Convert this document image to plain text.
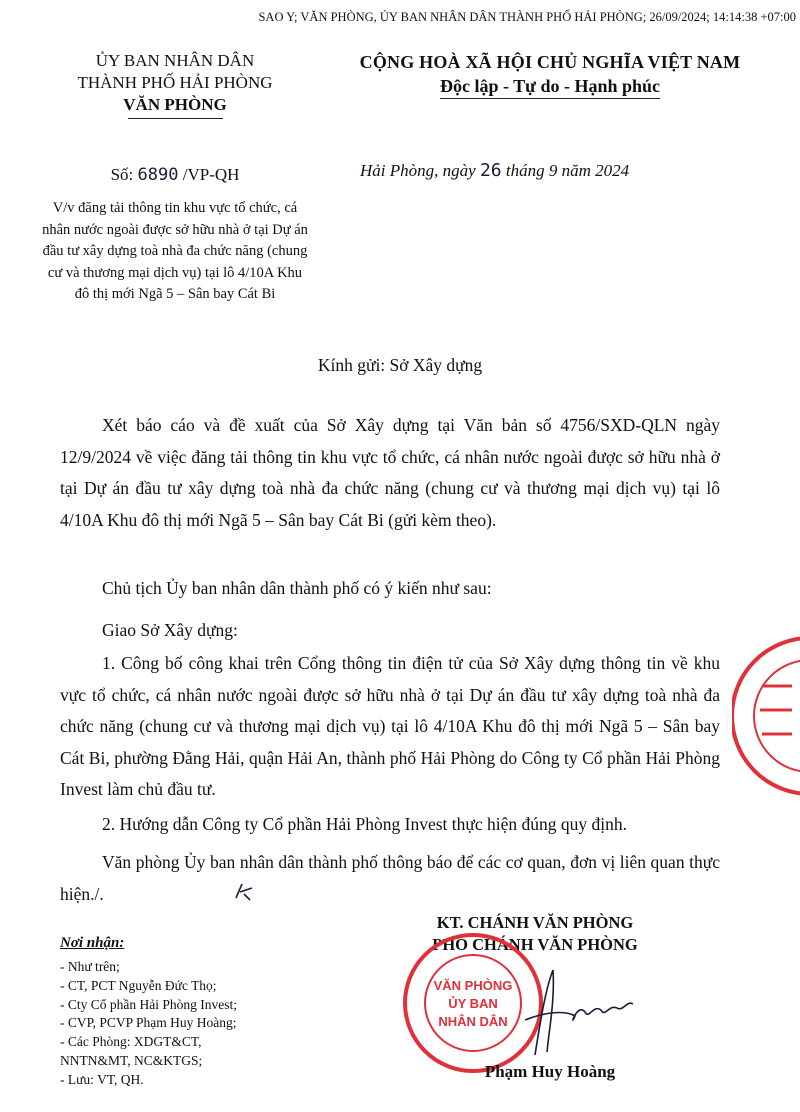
SAO Y; VĂN PHÒNG, ỦY BAN NHÂN DÂN THÀNH PHỐ HẢI PHÒNG; 26/09/2024; 14:14:38 +07:00
ỦY BAN NHÂN DÂN
THÀNH PHỐ HẢI PHÒNG
VĂN PHÒNG
CỘNG HOÀ XÃ HỘI CHỦ NGHĨA VIỆT NAM
Độc lập - Tự do - Hạnh phúc
Số: 6890 /VP-QH
V/v đăng tải thông tin khu vực tổ chức, cá nhân nước ngoài được sở hữu nhà ở tại Dự án đầu tư xây dựng toà nhà đa chức năng (chung cư và thương mại dịch vụ) tại lô 4/10A Khu đô thị mới Ngã 5 – Sân bay Cát Bi
Hải Phòng, ngày 26 tháng 9 năm 2024
Kính gửi: Sở Xây dựng
Xét báo cáo và đề xuất của Sở Xây dựng tại Văn bản số 4756/SXD-QLN ngày 12/9/2024 về việc đăng tải thông tin khu vực tổ chức, cá nhân nước ngoài được sở hữu nhà ở tại Dự án đầu tư xây dựng toà nhà đa chức năng (chung cư và thương mại dịch vụ) tại lô 4/10A Khu đô thị mới Ngã 5 – Sân bay Cát Bi (gửi kèm theo).
Chủ tịch Ủy ban nhân dân thành phố có ý kiến như sau:
Giao Sở Xây dựng:
1. Công bố công khai trên Cổng thông tin điện tử của Sở Xây dựng thông tin về khu vực tổ chức, cá nhân nước ngoài được sở hữu nhà ở tại Dự án đầu tư xây dựng toà nhà đa chức năng (chung cư và thương mại dịch vụ) tại lô 4/10A Khu đô thị mới Ngã 5 – Sân bay Cát Bi, phường Đằng Hải, quận Hải An, thành phố Hải Phòng do Công ty Cổ phần Hải Phòng Invest làm chủ đầu tư.
2. Hướng dẫn Công ty Cổ phần Hải Phòng Invest thực hiện đúng quy định.
Văn phòng Ủy ban nhân dân thành phố thông báo để các cơ quan, đơn vị liên quan thực hiện./.
KT. CHÁNH VĂN PHÒNG
PHÓ CHÁNH VĂN PHÒNG
VĂN PHÒNG
ỦY BAN
NHÂN DÂN
Phạm Huy Hoàng
Nơi nhận:
- Như trên;
- CT, PCT Nguyễn Đức Thọ;
- Cty Cổ phần Hải Phòng Invest;
- CVP, PCVP Phạm Huy Hoàng;
- Các Phòng: XDGT&CT,
NNTN&MT, NC&KTGS;
- Lưu: VT, QH.
